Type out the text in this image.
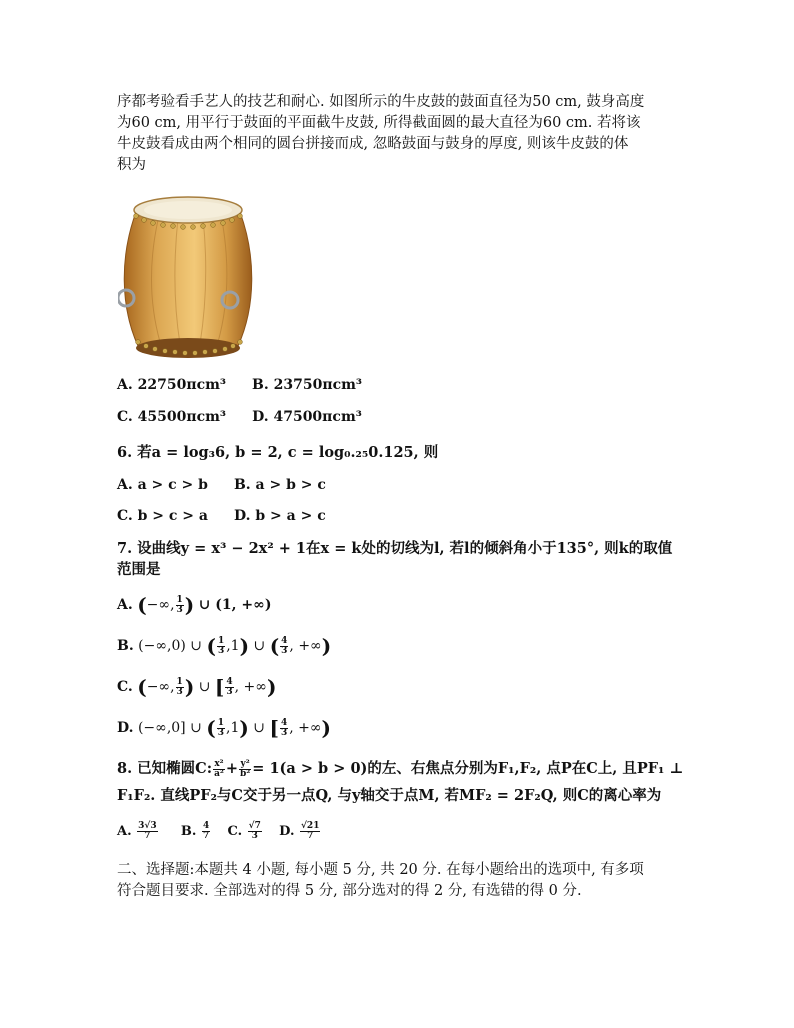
序都考验看手艺人的技艺和耐心. 如图所示的牛皮鼓的鼓面直径为50 cm, 鼓身高度

为60 cm, 用平行于鼓面的平面截牛皮鼓, 所得截面圆的最大直径为60 cm. 若将该

牛皮鼓看成由两个相同的圆台拼接而成, 忽略鼓面与鼓身的厚度, 则该牛皮鼓的体

积为

A. 22750πcm³ B. 23750πcm³
C. 45500πcm³ D. 47500πcm³

6. 若a = log₃6, b = 2, c = log₀.₂₅0.125, 则

A. a > c > b B. a > b > c
C. b > c > a D. b > a > c

7. 设曲线y = x³ − 2x² + 1在x = k处的切线为l, 若l的倾斜角小于135°, 则k的取值

范围是

A. (−∞, $\frac{1}{3}$ ) ∪ (1, +∞)
B. (−∞,0) ∪ ( $\frac{1}{3} ,1$) ∪ ( $\frac{4}{3}$ , +∞)
C. (−∞, $\frac{1}{3}$ ) ∪ [ $\frac{4}{3}$ , +∞)
D. (−∞,0] ∪ ( $\frac{1}{3} ,1$) ∪ [ $\frac{4}{3}$ , +∞)

8. 已知椭圆C: $\frac{\text{x²}}{\text{a²}} + \frac{\text{y²}}{\text{b²}} = 1(a > b > 0)$的左、右焦点分别为F₁,F₂, 点P在C上, 且PF₁ ⊥

F₁F₂. 直线PF₂与C交于另一点Q, 与y轴交于点M, 若MF₂ = 2F₂Q, 则C的离心率为

A. $\frac{3√3}{7} B$. $\frac{4}{7} C$. $\frac{√7}{3} D$. $\frac{√21}{7}$

二、选择题:本题共 4 小题, 每小题 5 分, 共 20 分. 在每小题给出的选项中, 有多项

符合题目要求. 全部选对的得 5 分, 部分选对的得 2 分, 有选错的得 0 分.
